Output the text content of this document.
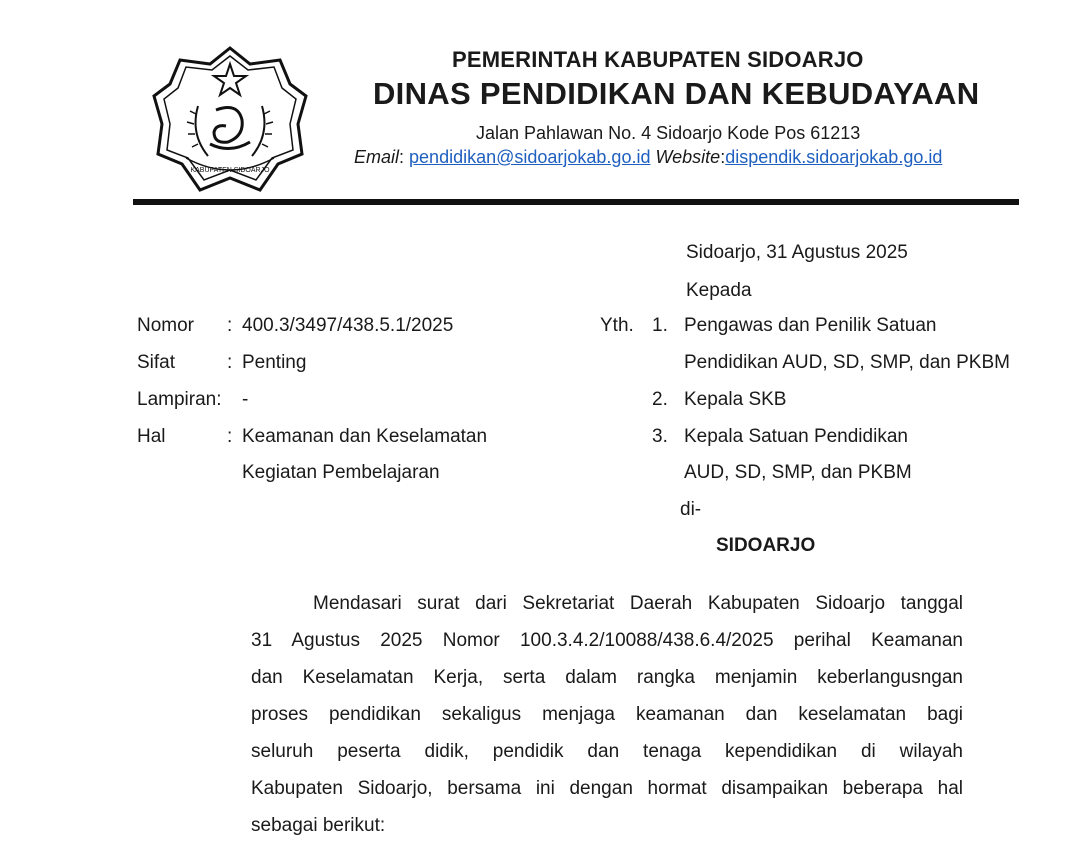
KABUPATEN SIDOARJO
PEMERINTAH KABUPATEN SIDOARJO
DINAS PENDIDIKAN DAN KEBUDAYAAN
Jalan Pahlawan No. 4 Sidoarjo Kode Pos 61213
Email: pendidikan@sidoarjokab.go.id Website:dispendik.sidoarjokab.go.id
Sidoarjo, 31 Agustus 2025
Kepada
Nomor : 400.3/3497/438.5.1/2025
Sifat	: Penting
Lampiran: -
Hal	: Keamanan dan Keselamatan
Kegiatan Pembelajaran
Yth. 1. Pengawas dan Penilik Satuan
Pendidikan AUD, SD, SMP, dan PKBM
2. Kepala SKB
3. Kepala Satuan Pendidikan
AUD, SD, SMP, dan PKBM
di-
SIDOARJO
Mendasari surat dari Sekretariat Daerah Kabupaten Sidoarjo tanggal
31 Agustus 2025 Nomor 100.3.4.2/10088/438.6.4/2025 perihal Keamanan
dan Keselamatan Kerja, serta dalam rangka menjamin keberlangusngan
proses pendidikan sekaligus menjaga keamanan dan keselamatan bagi
seluruh peserta didik, pendidik dan tenaga kependidikan di wilayah
Kabupaten Sidoarjo, bersama ini dengan hormat disampaikan beberapa hal
sebagai berikut:
